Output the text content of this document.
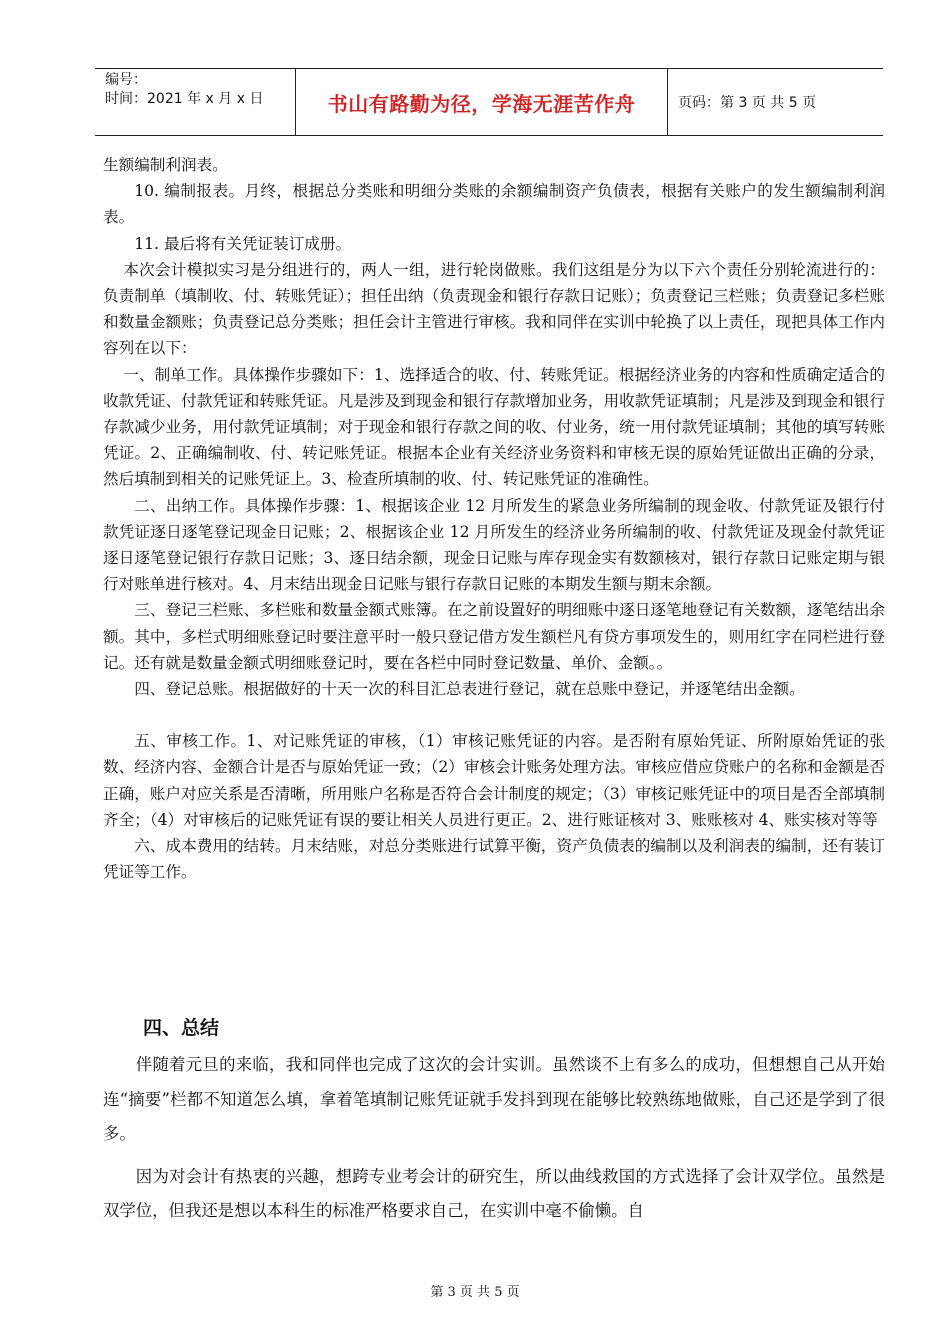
编号：
时间：2021 年 x 月 x 日	书山有路勤为径，学海无涯苦作舟	页码：第 3 页 共 5 页

生额编制利润表。

10. 编制报表。月终，根据总分类账和明细分类账的余额编制资产负债表，根据有关账户的发生额编制利润表。

11. 最后将有关凭证装订成册。

本次会计模拟实习是分组进行的，两人一组，进行轮岗做账。我们这组是分为以下六个责任分别轮流进行的：负责制单（填制收、付、转账凭证）；担任出纳（负责现金和银行存款日记账）；负责登记三栏账；负责登记多栏账和数量金额账；负责登记总分类账；担任会计主管进行审核。我和同伴在实训中轮换了以上责任，现把具体工作内容列在以下：

一、制单工作。具体操作步骤如下：1、选择适合的收、付、转账凭证。根据经济业务的内容和性质确定适合的收款凭证、付款凭证和转账凭证。凡是涉及到现金和银行存款增加业务，用收款凭证填制；凡是涉及到现金和银行存款减少业务，用付款凭证填制；对于现金和银行存款之间的收、付业务，统一用付款凭证填制；其他的填写转账凭证。2、正确编制收、付、转记账凭证。根据本企业有关经济业务资料和审核无误的原始凭证做出正确的分录，然后填制到相关的记账凭证上。3、检查所填制的收、付、转记账凭证的准确性。

二、出纳工作。具体操作步骤：1、根据该企业 12 月所发生的紧急业务所编制的现金收、付款凭证及银行付款凭证逐日逐笔登记现金日记账；2、根据该企业 12 月所发生的经济业务所编制的收、付款凭证及现金付款凭证逐日逐笔登记银行存款日记账；3、逐日结余额，现金日记账与库存现金实有数额核对，银行存款日记账定期与银行对账单进行核对。4、月末结出现金日记账与银行存款日记账的本期发生额与期末余额。

三、登记三栏账、多栏账和数量金额式账簿。在之前设置好的明细账中逐日逐笔地登记有关数额，逐笔结出余额。其中，多栏式明细账登记时要注意平时一般只登记借方发生额栏凡有贷方事项发生的，则用红字在同栏进行登记。还有就是数量金额式明细账登记时，要在各栏中同时登记数量、单价、金额。。

四、登记总账。根据做好的十天一次的科目汇总表进行登记，就在总账中登记，并逐笔结出金额。

五、审核工作。1、对记账凭证的审核，（1）审核记账凭证的内容。是否附有原始凭证、所附原始凭证的张数、经济内容、金额合计是否与原始凭证一致；（2）审核会计账务处理方法。审核应借应贷账户的名称和金额是否正确，账户对应关系是否清晰，所用账户名称是否符合会计制度的规定；（3）审核记账凭证中的项目是否全部填制齐全；（4）对审核后的记账凭证有误的要让相关人员进行更正。2、进行账证核对 3、账账核对 4、账实核对等等

六、成本费用的结转。月末结账，对总分类账进行试算平衡，资产负债表的编制以及利润表的编制，还有装订凭证等工作。

四、总结

伴随着元旦的来临，我和同伴也完成了这次的会计实训。虽然谈不上有多么的成功，但想想自己从开始连“摘要”栏都不知道怎么填，拿着笔填制记账凭证就手发抖到现在能够比较熟练地做账，自己还是学到了很多。

因为对会计有热衷的兴趣，想跨专业考会计的研究生，所以曲线救国的方式选择了会计双学位。虽然是双学位，但我还是想以本科生的标准严格要求自己，在实训中毫不偷懒。自

第 3 页 共 5 页
